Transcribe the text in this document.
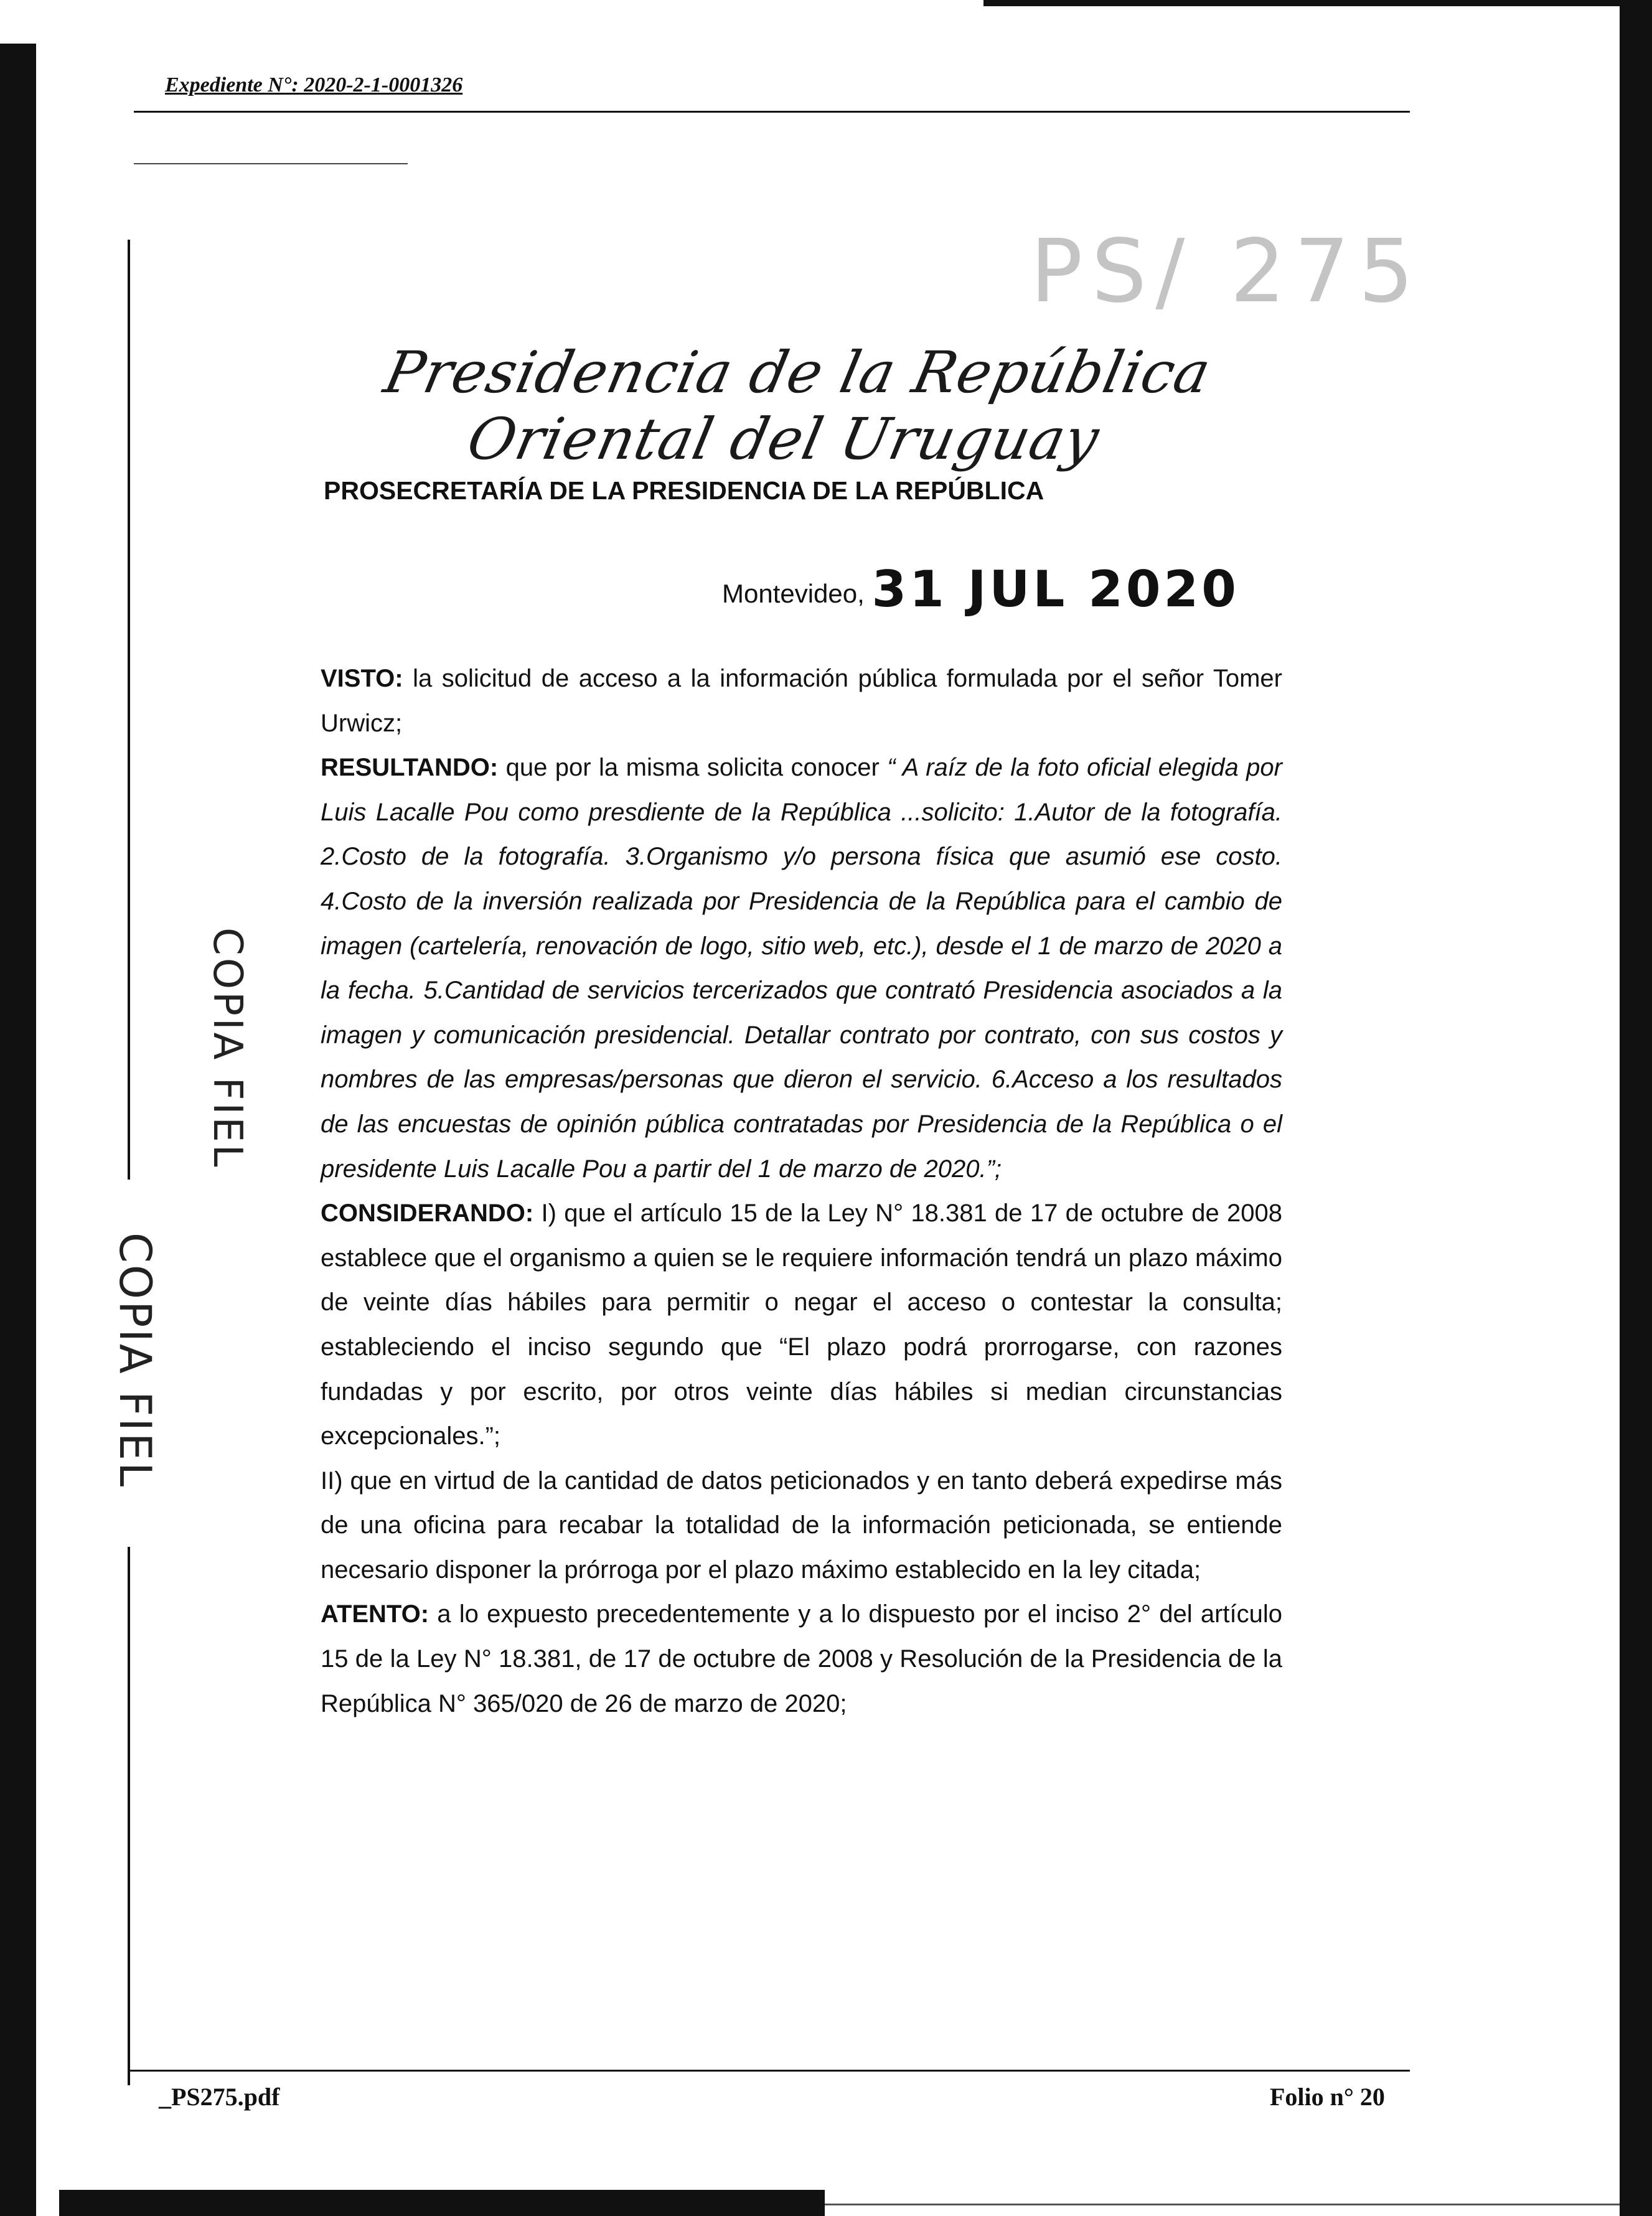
Expediente N°: 2020-2-1-0001326
PS/ 275
Presidencia de la República Oriental del Uruguay
PROSECRETARÍA DE LA PRESIDENCIA DE LA REPÚBLICA
Montevideo, 31 JUL 2020

VISTO: la solicitud de acceso a la información pública formulada por el señor Tomer Urwicz;

RESULTANDO: que por la misma solicita conocer “ A raíz de la foto oficial elegida por Luis Lacalle Pou como presdiente de la República ...solicito: 1.Autor de la fotografía. 2.Costo de la fotografía. 3.Organismo y/o persona física que asumió ese costo. 4.Costo de la inversión realizada por Presidencia de la República para el cambio de imagen (cartelería, renovación de logo, sitio web, etc.), desde el 1 de marzo de 2020 a la fecha. 5.Cantidad de servicios tercerizados que contrató Presidencia asociados a la imagen y comunicación presidencial. Detallar contrato por contrato, con sus costos y nombres de las empresas/personas que dieron el servicio. 6.Acceso a los resultados de las encuestas de opinión pública contratadas por Presidencia de la República o el presidente Luis Lacalle Pou a partir del 1 de marzo de 2020.”;

CONSIDERANDO: I) que el artículo 15 de la Ley N° 18.381 de 17 de octubre de 2008 establece que el organismo a quien se le requiere información tendrá un plazo máximo de veinte días hábiles para permitir o negar el acceso o contestar la consulta; estableciendo el inciso segundo que “El plazo podrá prorrogarse, con razones fundadas y por escrito, por otros veinte días hábiles si median circunstancias excepcionales.”;

II) que en virtud de la cantidad de datos peticionados y en tanto deberá expedirse más de una oficina para recabar la totalidad de la información peticionada, se entiende necesario disponer la prórroga por el plazo máximo establecido en la ley citada;

ATENTO: a lo expuesto precedentemente y a lo dispuesto por el inciso 2° del artículo 15 de la Ley N° 18.381, de 17 de octubre de 2008 y Resolución de la Presidencia de la República N° 365/020 de 26 de marzo de 2020;

COPIA FIEL
COPIA FIEL
_PS275.pdf	Folio n° 20
